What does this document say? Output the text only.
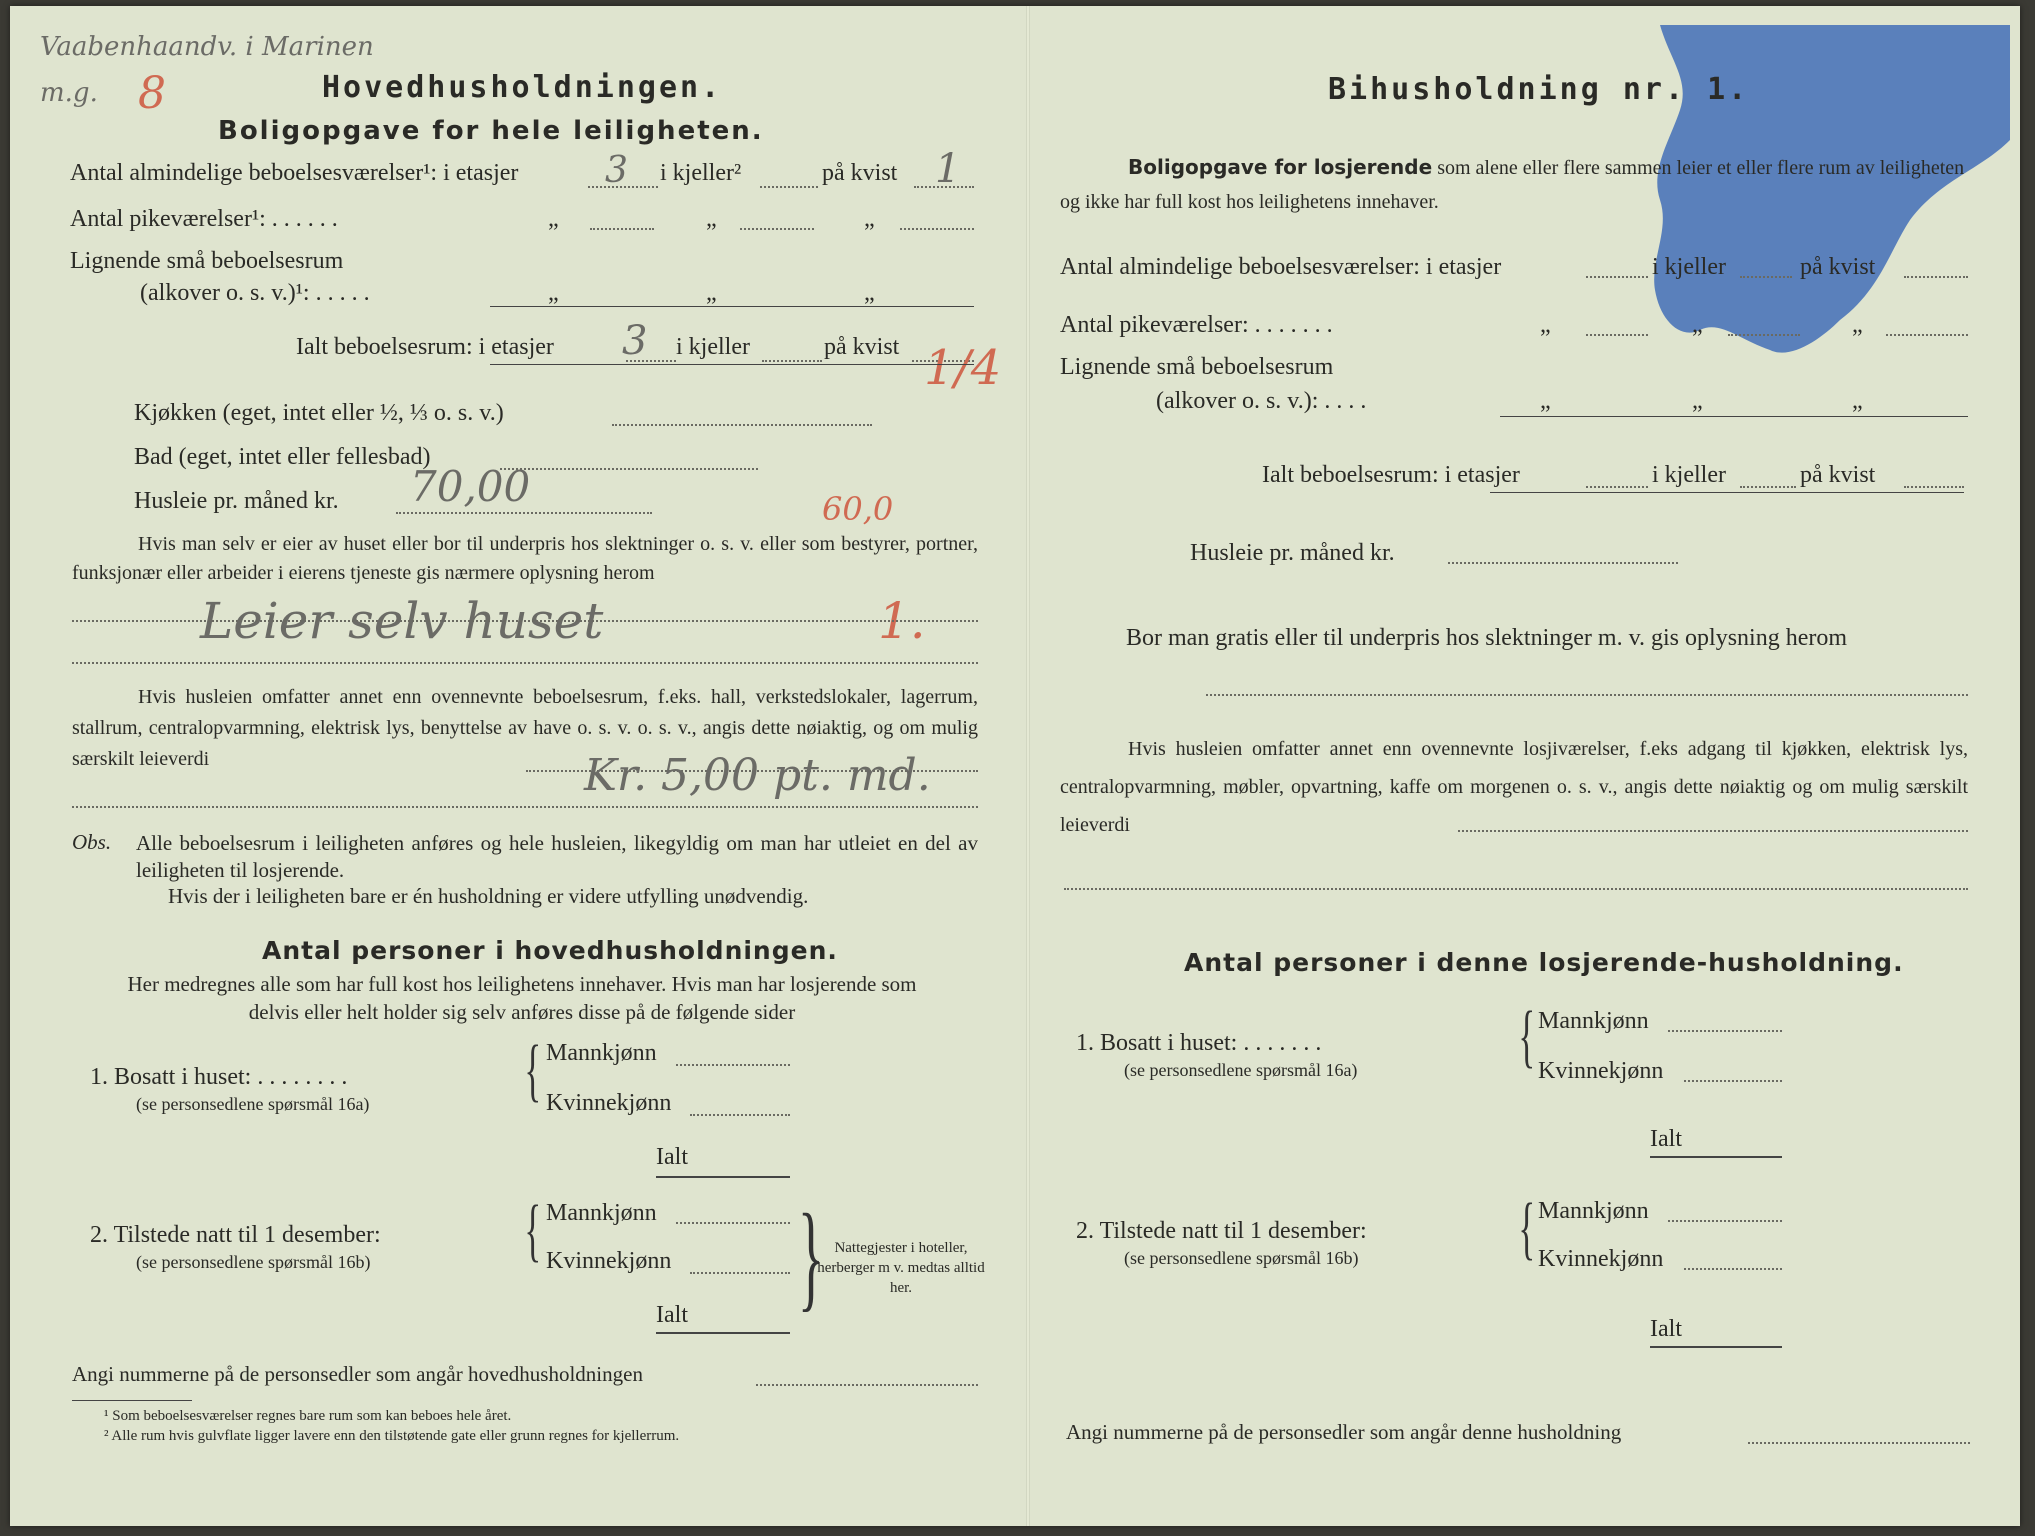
Vaabenhaandv. i Marinen
m.g. 8	Hovedhusholdningen.
Boligopgave for hele leiligheten.
Antal almindelige beboelsesværelser¹: i etasjer 3 i kjeller²	på kvist 1
Antal pikeværelser¹: . . . . . .	„	„	„
Lignende små beboelsesrum
(alkover o. s. v.)¹: . . . . .	„	„	„
Ialt beboelsesrum: i etasjer 3 i kjeller	på kvist 1/4
Kjøkken (eget, intet eller ½, ⅓ o. s. v.)
Bad (eget, intet eller fellesbad)
Husleie pr. måned kr. 70,00	60,0
Hvis man selv er eier av huset eller bor til underpris hos slektninger o. s. v. eller som bestyrer, portner, funksjonær eller arbeider i eierens tjeneste gis nærmere oplysning herom
Leier selv huset	1.
Hvis husleien omfatter annet enn ovennevnte beboelsesrum, f.eks. hall, verkstedslokaler, lagerrum, stallrum, centralopvarmning, elektrisk lys, benyttelse av have o. s. v. o. s. v., angis dette nøiaktig, og om mulig særskilt leieverdi	Kr. 5,00 pt. md.
Obs. Alle beboelsesrum i leiligheten anføres og hele husleien, likegyldig om man har utleiet en del av leiligheten til losjerende.
Hvis der i leiligheten bare er én husholdning er videre utfylling unødvendig.
Antal personer i hovedhusholdningen.
Her medregnes alle som har full kost hos leilighetens innehaver. Hvis man har losjerende som delvis eller helt holder sig selv anføres disse på de følgende sider
1. Bosatt i huset: . . . . . . . .
(se personsedlene spørsmål 16a) { Mannkjønn
Kvinnekjønn
Ialt
2. Tilstede natt til 1 desember:
(se personsedlene spørsmål 16b) { Mannkjønn
Kvinnekjønn
Ialt } Nattegjester i hoteller, herberger m v. medtas alltid her.
Angi nummerne på de personsedler som angår hovedhusholdningen
¹ Som beboelsesværelser regnes bare rum som kan beboes hele året.
² Alle rum hvis gulvflate ligger lavere enn den tilstøtende gate eller grunn regnes for kjellerrum.
Bihusholdning nr. 1.
Boligopgave for losjerende som alene eller flere sammen leier et eller flere rum av leiligheten og ikke har full kost hos leilighetens innehaver.
Antal almindelige beboelsesværelser: i etasjer	i kjeller	på kvist
Antal pikeværelser: . . . . . . .	„	„	„
Lignende små beboelsesrum
(alkover o. s. v.): . . . .	„	„	„
Ialt beboelsesrum: i etasjer	i kjeller	på kvist
Husleie pr. måned kr.
Bor man gratis eller til underpris hos slektninger m. v. gis oplysning herom
Hvis husleien omfatter annet enn ovennevnte losjiværelser, f.eks adgang til kjøkken, elektrisk lys, centralopvarmning, møbler, opvartning, kaffe om morgenen o. s. v., angis dette nøiaktig og om mulig særskilt leieverdi
Antal personer i denne losjerende-husholdning.
1. Bosatt i huset: . . . . . . .
(se personsedlene spørsmål 16a) { Mannkjønn
Kvinnekjønn
Ialt
2. Tilstede natt til 1 desember:
(se personsedlene spørsmål 16b) { Mannkjønn
Kvinnekjønn
Ialt
Angi nummerne på de personsedler som angår denne husholdning
